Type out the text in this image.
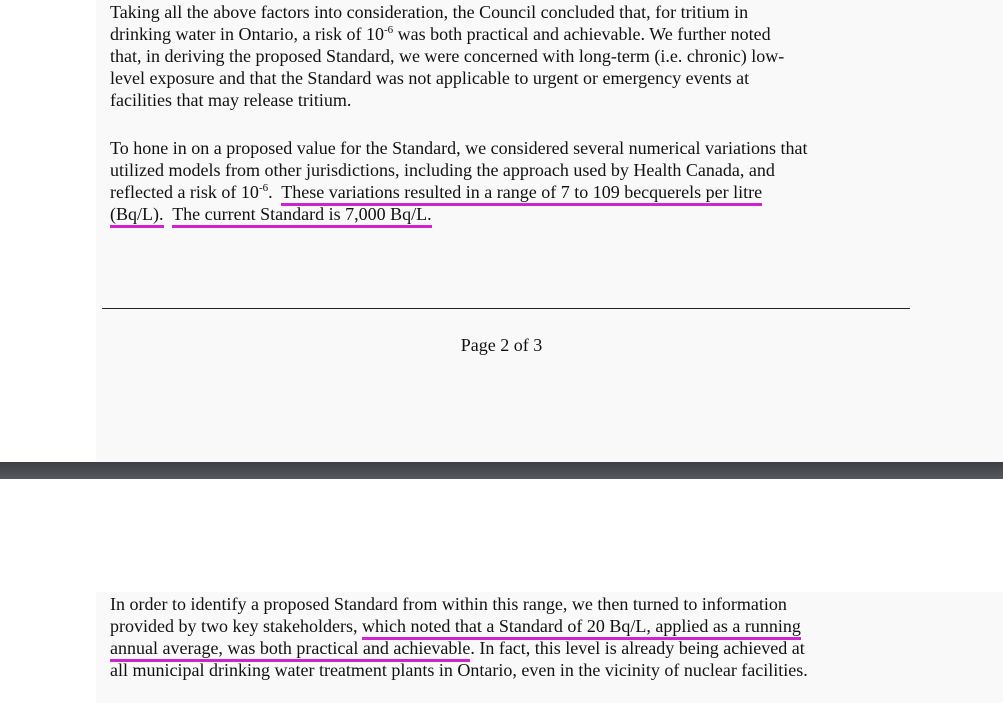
Taking all the above factors into consideration, the Council concluded that, for tritium in
drinking water in Ontario, a risk of $10^{-6}$ was both practical and achievable. We further noted
that, in deriving the proposed Standard, we were concerned with long-term (i.e. chronic) low-
level exposure and that the Standard was not applicable to urgent or emergency events at
facilities that may release tritium.
To hone in on a proposed value for the Standard, we considered several numerical variations that
utilized models from other jurisdictions, including the approach used by Health Canada, and
reflected a risk of $10^{-6}$.  These variations resulted in a range of 7 to 109 becquerels per litre
(Bq/L). The current Standard is 7,000 Bq/L.
Page 2 of 3
In order to identify a proposed Standard from within this range, we then turned to information
provided by two key stakeholders, which noted that a Standard of 20 Bq/L, applied as a running
annual average, was both practical and achievable. In fact, this level is already being achieved at
all municipal drinking water treatment plants in Ontario, even in the vicinity of nuclear facilities.
